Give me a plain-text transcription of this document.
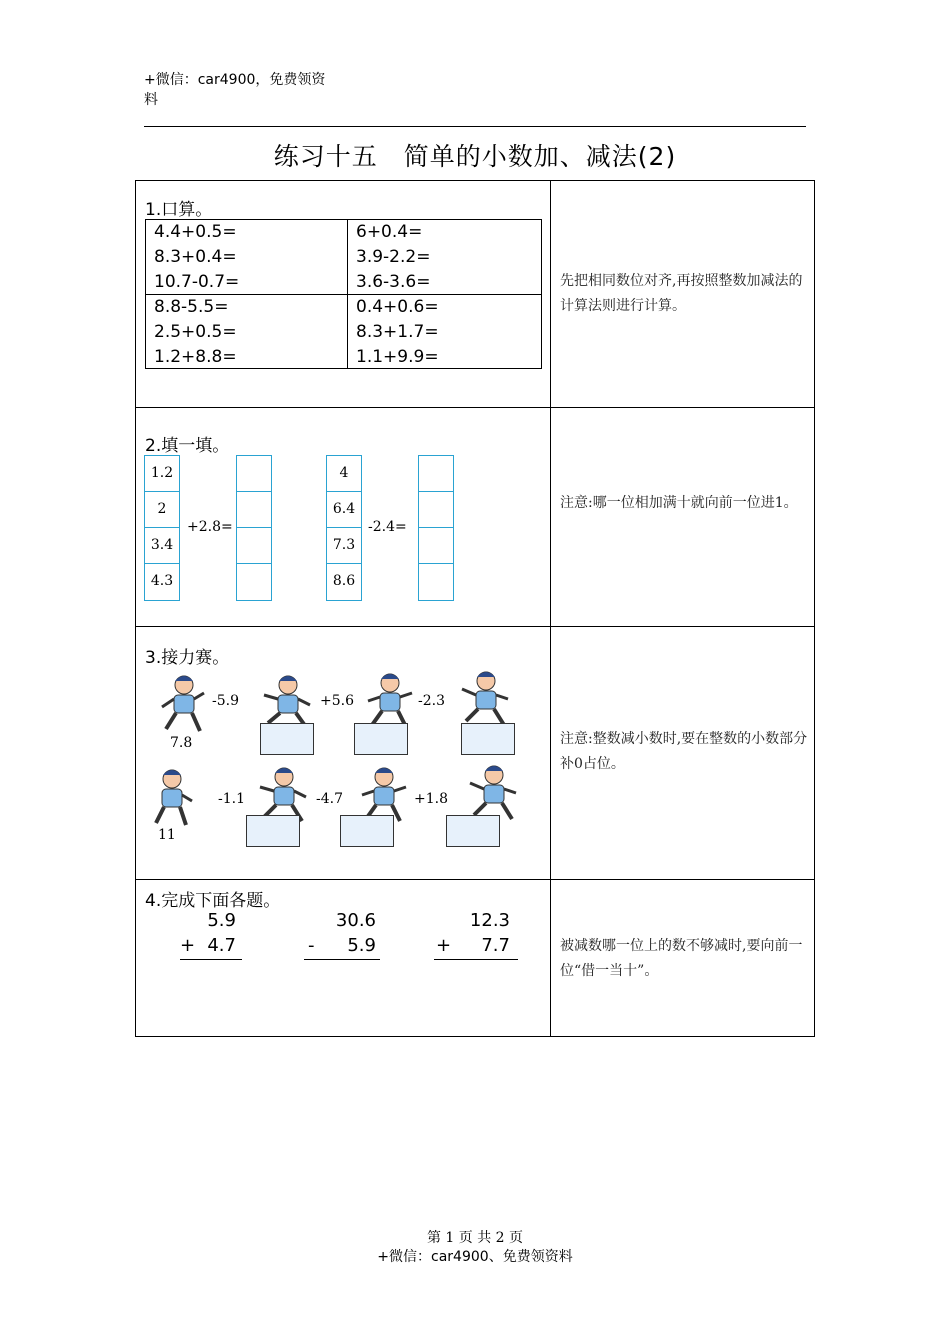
+微信：car4900，免费领资料
练习十五　简单的小数加、减法(2)
1.口算。
4.4+0.5=
8.3+0.4=
10.7-0.7=
6+0.4=
3.9-2.2=
3.6-3.6=
8.8-5.5=
2.5+0.5=
1.2+8.8=
0.4+0.6=
8.3+1.7=
1.1+9.9=
先把相同数位对齐,再按照整数加减法的计算法则进行计算。
2.填一填。
1.2
2
3.4
4.3
+2.8=
4
6.4
7.3
8.6
-2.4=
注意:哪一位相加满十就向前一位进1。
3.接力赛。
7.8
-5.9	+5.6	-2.3
11
-1.1	-4.7	+1.8
注意:整数减小数时,要在整数的小数部分补0占位。
4.完成下面各题。
5.9
+ 4.7
30.6
-	5.9
12.3
+	7.7	被减数哪一位上的数不够减时,要向前一位“借一当十”。
第 1 页 共 2 页
+微信：car4900、免费领资料
